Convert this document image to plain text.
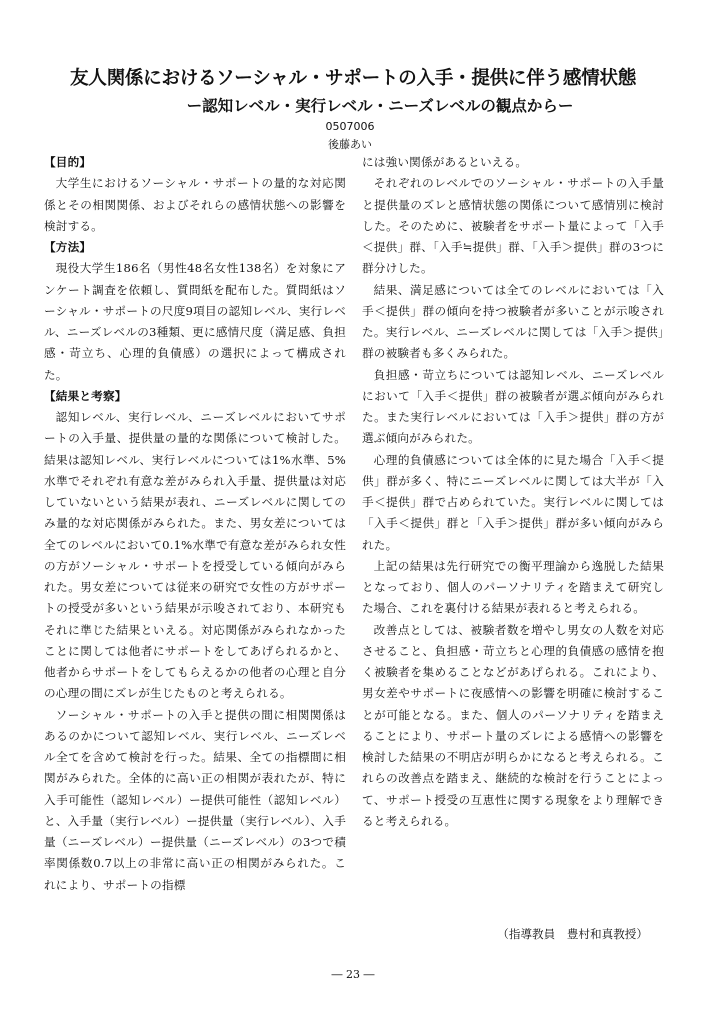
友人関係におけるソーシャル・サポートの入手・提供に伴う感情状態
ー認知レベル・実行レベル・ニーズレベルの観点からー
0507006
後藤あい

【目的】

大学生におけるソーシャル・サポートの量的な対応関係とその相関関係、およびそれらの感情状態への影響を検討する。

【方法】

現役大学生186名（男性48名女性138名）を対象にアンケート調査を依頼し、質問紙を配布した。質問紙はソーシャル・サポートの尺度9項目の認知レベル、実行レベル、ニーズレベルの3種類、更に感情尺度（満足感、負担感・苛立ち、心理的負債感）の選択によって構成された。

【結果と考察】

認知レベル、実行レベル、ニーズレベルにおいてサポートの入手量、提供量の量的な関係について検討した。結果は認知レベル、実行レベルについては1%水準、5%水準でそれぞれ有意な差がみられ入手量、提供量は対応していないという結果が表れ、ニーズレベルに関してのみ量的な対応関係がみられた。また、男女差については全てのレベルにおいて0.1%水準で有意な差がみられ女性の方がソーシャル・サポートを授受している傾向がみられた。男女差については従来の研究で女性の方がサポートの授受が多いという結果が示唆されており、本研究もそれに準じた結果といえる。対応関係がみられなかったことに関しては他者にサポートをしてあげられるかと、他者からサポートをしてもらえるかの他者の心理と自分の心理の間にズレが生じたものと考えられる。

ソーシャル・サポートの入手と提供の間に相関関係はあるのかについて認知レベル、実行レベル、ニーズレベル全てを含めて検討を行った。結果、全ての指標間に相関がみられた。全体的に高い正の相関が表れたが、特に入手可能性（認知レベル）ー提供可能性（認知レベル）と、入手量（実行レベル）ー提供量（実行レベル）、入手量（ニーズレベル）ー提供量（ニーズレベル）の3つで積率関係数0.7以上の非常に高い正の相関がみられた。これにより、サポートの指標

には強い関係があるといえる。

それぞれのレベルでのソーシャル・サポートの入手量と提供量のズレと感情状態の関係について感情別に検討した。そのために、被験者をサポート量によって「入手＜提供」群、「入手≒提供」群、「入手＞提供」群の3つに群分けした。

結果、満足感については全てのレベルにおいては「入手＜提供」群の傾向を持つ被験者が多いことが示唆された。実行レベル、ニーズレベルに関しては「入手＞提供」群の被験者も多くみられた。

負担感・苛立ちについては認知レベル、ニーズレベルにおいて「入手＜提供」群の被験者が選ぶ傾向がみられた。また実行レベルにおいては「入手＞提供」群の方が選ぶ傾向がみられた。

心理的負債感については全体的に見た場合「入手＜提供」群が多く、特にニーズレベルに関しては大半が「入手＜提供」群で占められていた。実行レベルに関しては「入手＜提供」群と「入手＞提供」群が多い傾向がみられた。

上記の結果は先行研究での衡平理論から逸脱した結果となっており、個人のパーソナリティを踏まえて研究した場合、これを裏付ける結果が表れると考えられる。

改善点としては、被験者数を増やし男女の人数を対応させること、負担感・苛立ちと心理的負債感の感情を抱く被験者を集めることなどがあげられる。これにより、男女差やサポートに夜感情への影響を明確に検討することが可能となる。また、個人のパーソナリティを踏まえることにより、サポート量のズレによる感情への影響を検討した結果の不明店が明らかになると考えられる。これらの改善点を踏まえ、継続的な検討を行うことによって、サポート授受の互恵性に関する現象をより理解できると考えられる。

（指導教員　豊村和真教授）
― 23 ―
